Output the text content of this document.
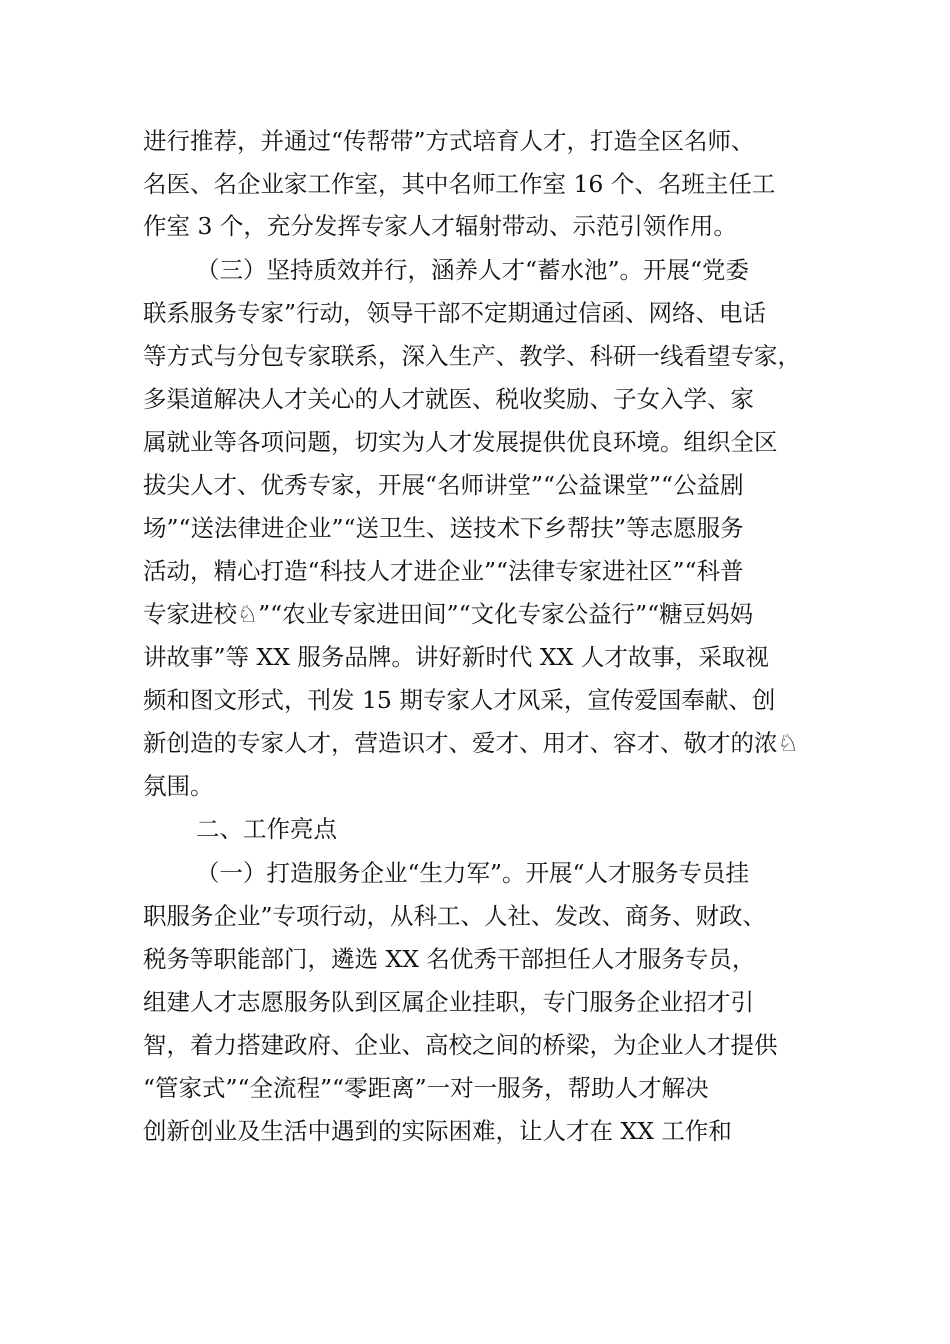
进行推荐，并通过“传帮带”方式培育人才，打造全区名师、
名医、名企业家工作室，其中名师工作室 16 个、名班主任工
作室 3 个，充分发挥专家人才辐射带动、示范引领作用。
（三）坚持质效并行，涵养人才“蓄水池”。开展“党委
联系服务专家”行动，领导干部不定期通过信函、网络、电话
等方式与分包专家联系，深入生产、教学、科研一线看望专家，
多渠道解决人才关心的人才就医、税收奖励、子女入学、家
属就业等各项问题，切实为人才发展提供优良环境。组织全区
拔尖人才、优秀专家，开展“名师讲堂”“公益课堂”“公益剧
场”“送法律进企业”“送卫生、送技术下乡帮扶”等志愿服务
活动，精心打造“科技人才进企业”“法律专家进社区”“科普
专家进校♘”“农业专家进田间”“文化专家公益行”“糖豆妈妈
讲故事”等 XX 服务品牌。讲好新时代 XX 人才故事，采取视
频和图文形式，刊发 15 期专家人才风采，宣传爱国奉献、创
新创造的专家人才，营造识才、爱才、用才、容才、敬才的浓♘
氛围。
二、工作亮点
（一）打造服务企业“生力军”。开展“人才服务专员挂
职服务企业”专项行动，从科工、人社、发改、商务、财政、
税务等职能部门，遴选 XX 名优秀干部担任人才服务专员，
组建人才志愿服务队到区属企业挂职，专门服务企业招才引
智，着力搭建政府、企业、高校之间的桥梁，为企业人才提供
“管家式”“全流程”“零距离”一对一服务，帮助人才解决
创新创业及生活中遇到的实际困难，让人才在 XX 工作和
